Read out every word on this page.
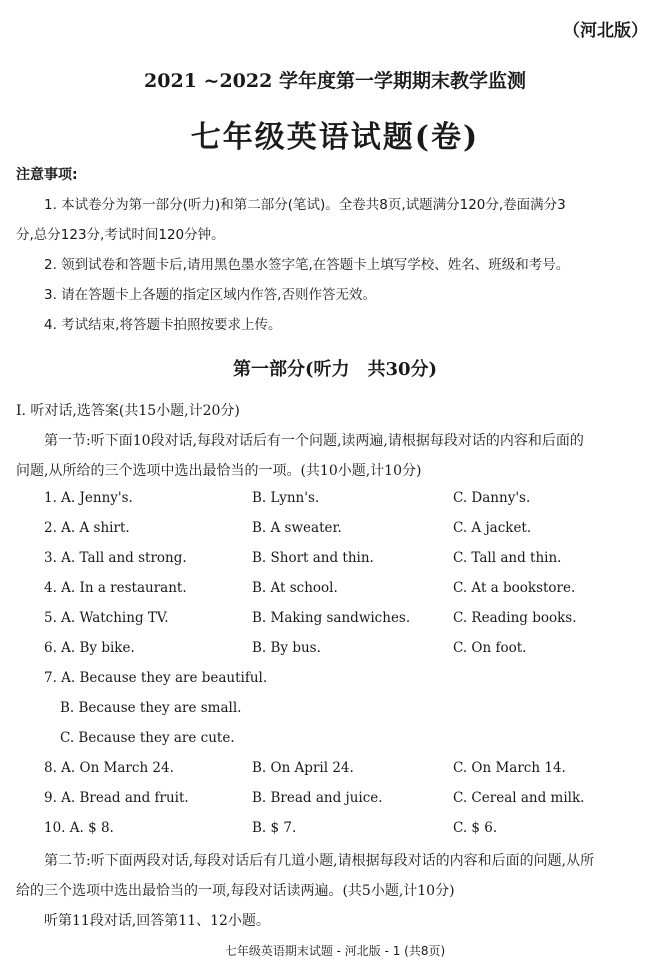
（河北版）
2021 ~2022 学年度第一学期期末教学监测
七年级英语试题(卷)
注意事项:
1. 本试卷分为第一部分(听力)和第二部分(笔试)。全卷共8页,试题满分120分,卷面满分3
分,总分123分,考试时间120分钟。
2. 领到试卷和答题卡后,请用黑色墨水签字笔,在答题卡上填写学校、姓名、班级和考号。
3. 请在答题卡上各题的指定区域内作答,否则作答无效。
4. 考试结束,将答题卡拍照按要求上传。
第一部分(听力　共30分)
Ⅰ. 听对话,选答案(共15小题,计20分)
第一节:听下面10段对话,每段对话后有一个问题,读两遍,请根据每段对话的内容和后面的
问题,从所给的三个选项中选出最恰当的一项。(共10小题,计10分)
1. A. Jenny's.	B. Lynn's.	C. Danny's.
2. A. A shirt.	B. A sweater.	C. A jacket.
3. A. Tall and strong.	B. Short and thin.	C. Tall and thin.
4. A. In a restaurant.	B. At school.	C. At a bookstore.
5. A. Watching TV.	B. Making sandwiches.	C. Reading books.
6. A. By bike.	B. By bus.	C. On foot.
7. A. Because they are beautiful.
B. Because they are small.
C. Because they are cute.
8. A. On March 24.	B. On April 24.	C. On March 14.
9. A. Bread and fruit.	B. Bread and juice.	C. Cereal and milk.
10. A. $ 8.	B. $ 7.	C. $ 6.
第二节:听下面两段对话,每段对话后有几道小题,请根据每段对话的内容和后面的问题,从所
给的三个选项中选出最恰当的一项,每段对话读两遍。(共5小题,计10分)
听第11段对话,回答第11、12小题。
七年级英语期末试题 - 河北版 - 1 (共8页)
